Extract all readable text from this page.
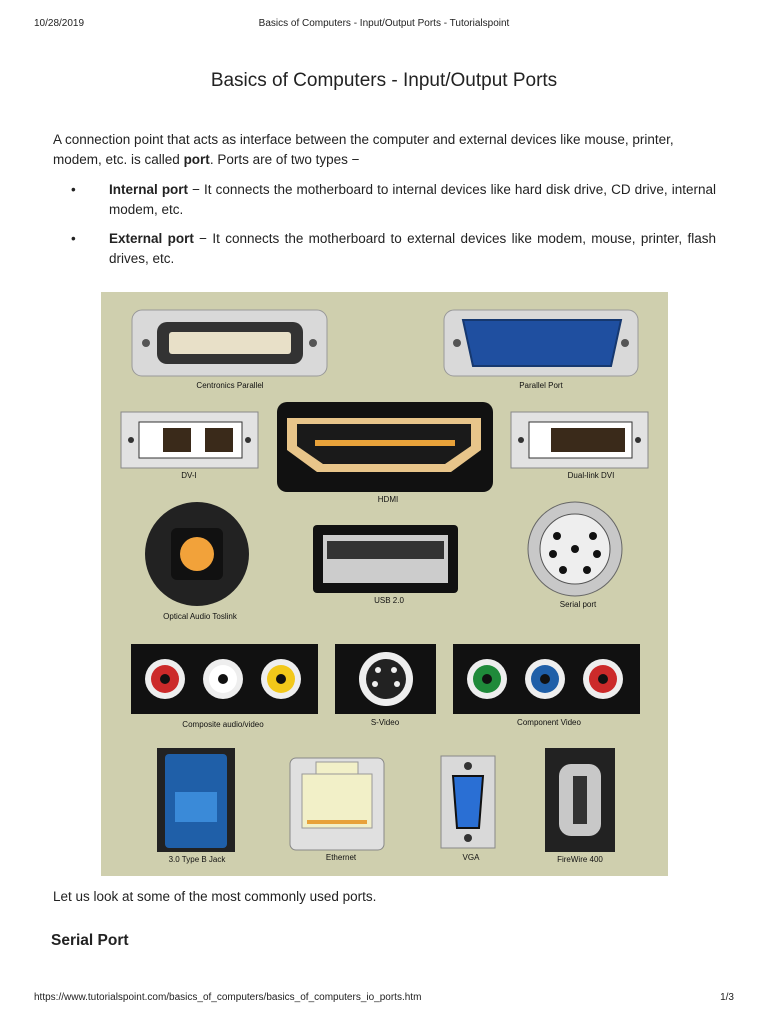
10/28/2019	Basics of Computers - Input/Output Ports - Tutorialspoint
Basics of Computers - Input/Output Ports
A connection point that acts as interface between the computer and external devices like mouse, printer, modem, etc. is called port. Ports are of two types −
• Internal port − It connects the motherboard to internal devices like hard disk drive, CD drive, internal modem, etc.
• External port − It connects the motherboard to external devices like modem, mouse, printer, flash drives, etc.
Centronics Parallel	Parallel Port
DV-I
HDMI
Dual-link DVI
Optical Audio Toslink
USB 2.0	Serial port
Composite audio/video	S-Video	Component Video
3.0 Type B Jack	Ethernet	VGA	FireWire 400
Let us look at some of the most commonly used ports.
Serial Port
https://www.tutorialspoint.com/basics_of_computers/basics_of_computers_io_ports.htm	1/3
